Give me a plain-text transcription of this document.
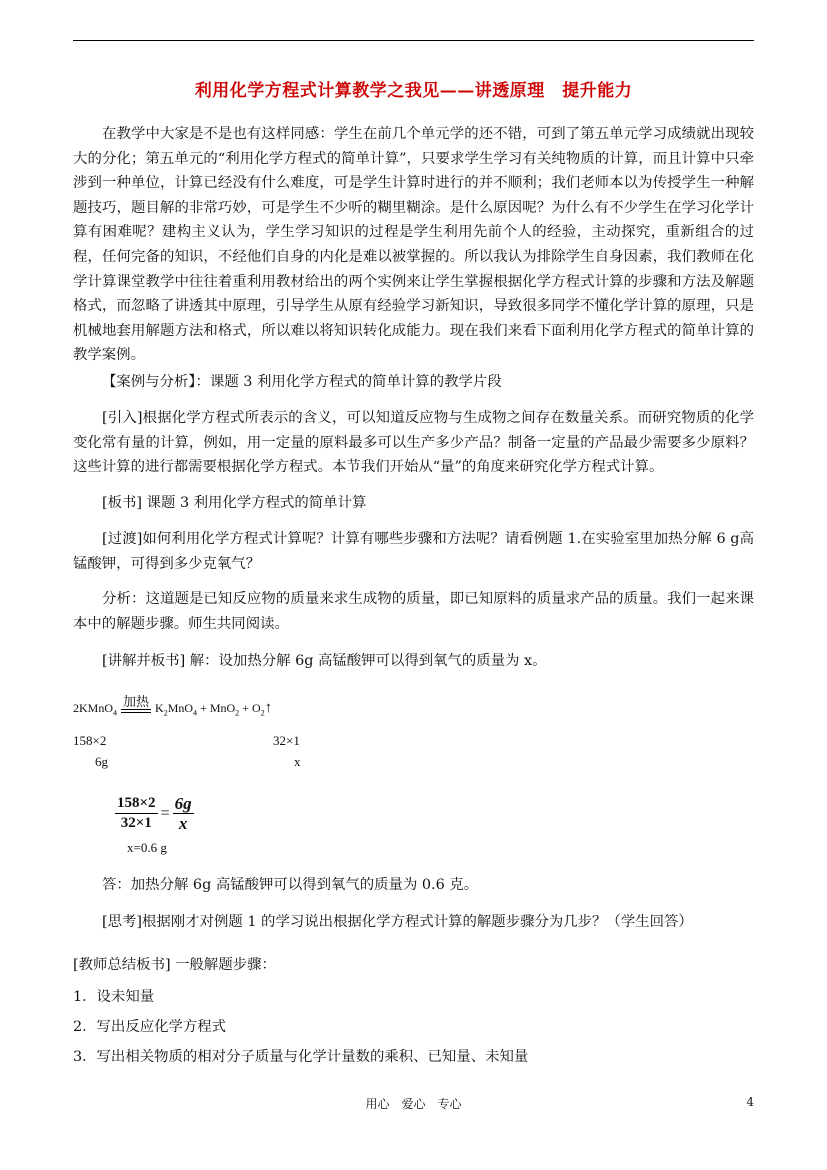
利用化学方程式计算教学之我见——讲透原理　提升能力

在教学中大家是不是也有这样同感：学生在前几个单元学的还不错，可到了第五单元学习成绩就出现较大的分化；第五单元的“利用化学方程式的简单计算”，只要求学生学习有关纯物质的计算，而且计算中只牵涉到一种单位，计算已经没有什么难度，可是学生计算时进行的并不顺利；我们老师本以为传授学生一种解题技巧，题目解的非常巧妙，可是学生不少听的糊里糊涂。是什么原因呢？为什么有不少学生在学习化学计算有困难呢？建构主义认为，学生学习知识的过程是学生利用先前个人的经验，主动探究，重新组合的过程，任何完备的知识，不经他们自身的内化是难以被掌握的。所以我认为排除学生自身因素，我们教师在化学计算课堂教学中往往着重利用教材给出的两个实例来让学生掌握根据化学方程式计算的步骤和方法及解题格式，而忽略了讲透其中原理，引导学生从原有经验学习新知识，导致很多同学不懂化学计算的原理，只是机械地套用解题方法和格式，所以难以将知识转化成能力。现在我们来看下面利用化学方程式的简单计算的教学案例。

【案例与分析】：课题 3 利用化学方程式的简单计算的教学片段

[引入]根据化学方程式所表示的含义，可以知道反应物与生成物之间存在数量关系。而研究物质的化学变化常有量的计算，例如，用一定量的原料最多可以生产多少产品？制备一定量的产品最少需要多少原料？这些计算的进行都需要根据化学方程式。本节我们开始从“量”的角度来研究化学方程式计算。

[板书] 课题 3 利用化学方程式的简单计算

[过渡]如何利用化学方程式计算呢？计算有哪些步骤和方法呢？请看例题 1.在实验室里加热分解 6 g高锰酸钾，可得到多少克氧气？

分析：这道题是已知反应物的质量来求生成物的质量，即已知原料的质量求产品的质量。我们一起来课本中的解题步骤。师生共同阅读。

[讲解并板书] 解：设加热分解 6g 高锰酸钾可以得到氧气的质量为 x。

2KMnO$_4$加热 $K_2MnO_4 + MnO_2$ + $O_2↑$
158×2	32×1
6g	x
$\frac{158\times 2}{32\times 1} = \frac{6g}{x}$
x=0.6 g

答：加热分解 6g 高锰酸钾可以得到氧气的质量为 0.6 克。

[思考]根据刚才对例题 1 的学习说出根据化学方程式计算的解题步骤分为几步？（学生回答）

[教师总结板书] 一般解题步骤：

1．设未知量

2．写出反应化学方程式

3．写出相关物质的相对分子质量与化学计量数的乘积、已知量、未知量

用心　爱心　专心	4
